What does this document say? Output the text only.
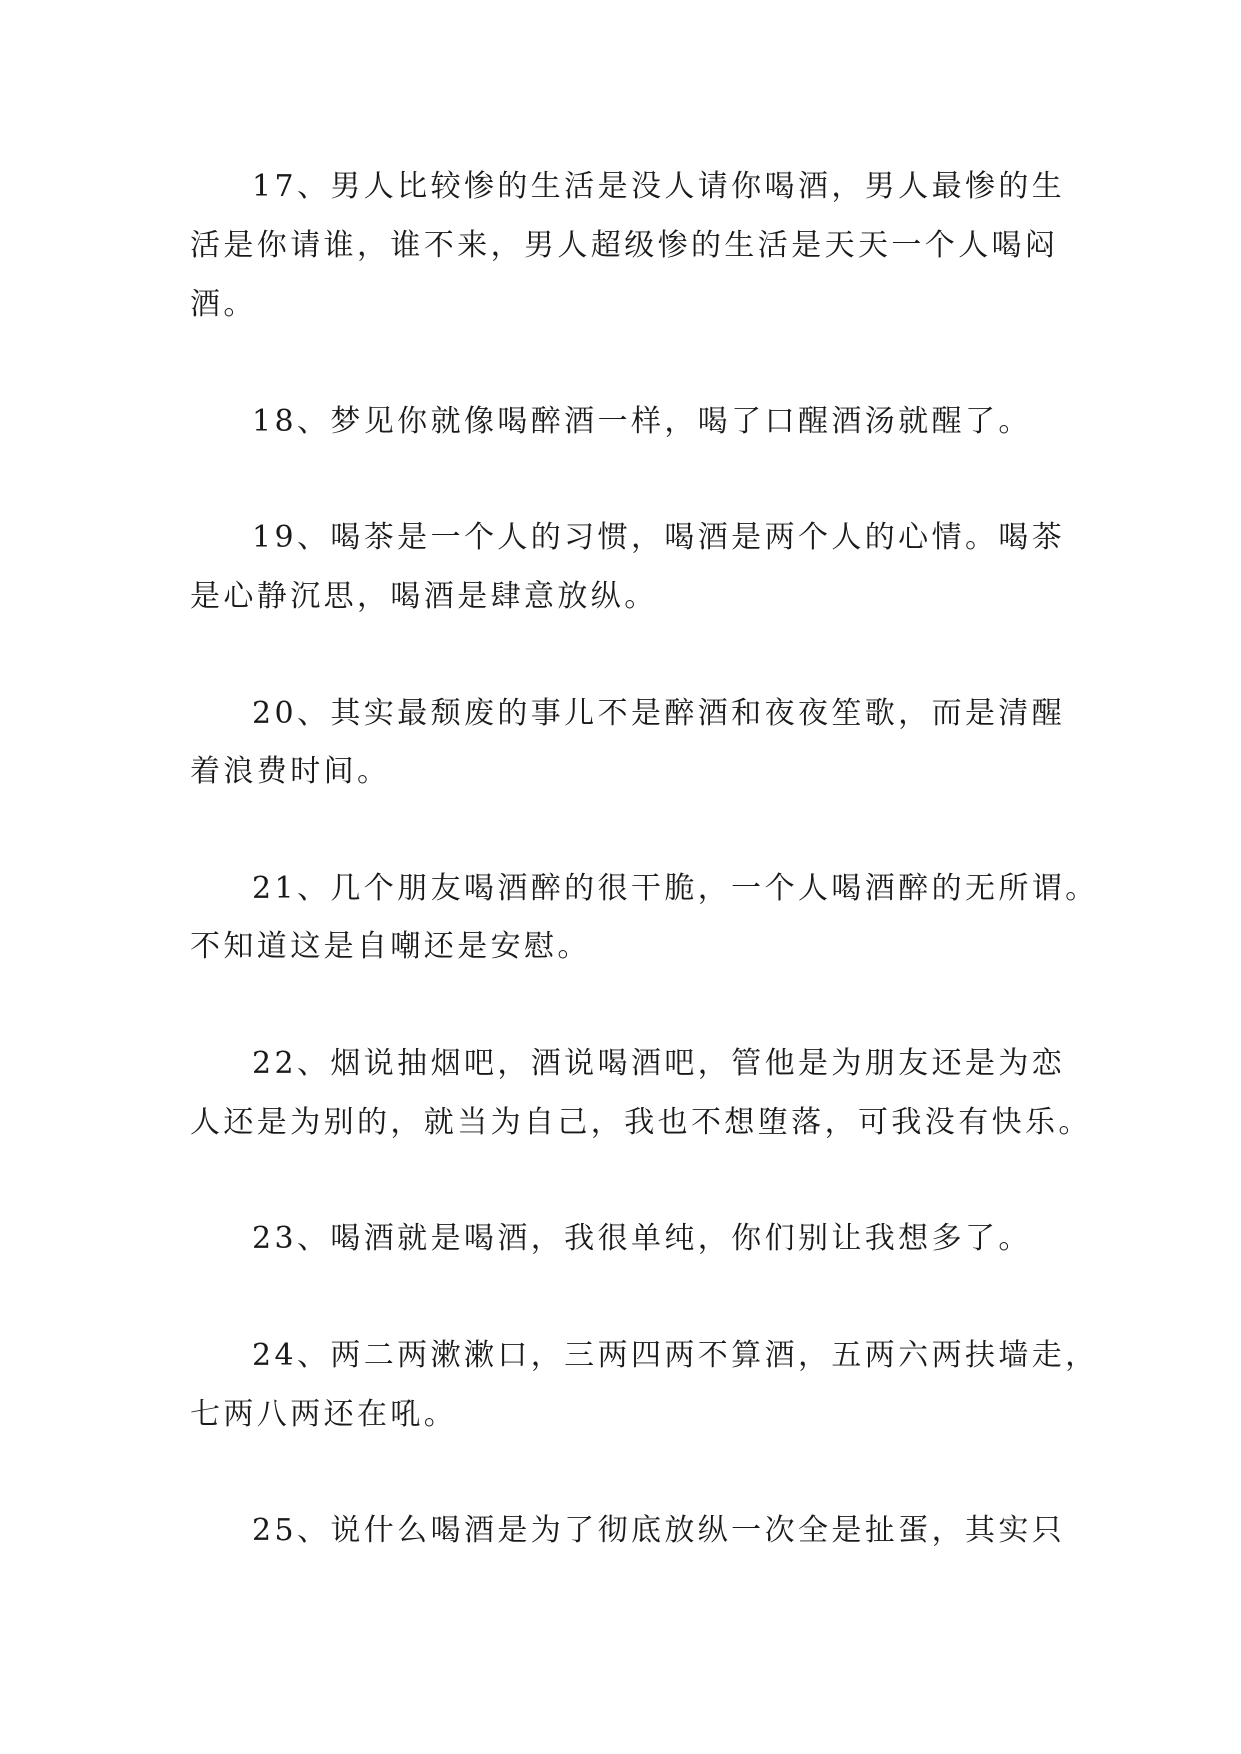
17、男人比较惨的生活是没人请你喝酒，男人最惨的生

活是你请谁，谁不来，男人超级惨的生活是天天一个人喝闷

酒。

18、梦见你就像喝醉酒一样，喝了口醒酒汤就醒了。

19、喝茶是一个人的习惯，喝酒是两个人的心情。喝茶

是心静沉思，喝酒是肆意放纵。

20、其实最颓废的事儿不是醉酒和夜夜笙歌，而是清醒

着浪费时间。

21、几个朋友喝酒醉的很干脆，一个人喝酒醉的无所谓。

不知道这是自嘲还是安慰。

22、烟说抽烟吧，酒说喝酒吧，管他是为朋友还是为恋

人还是为别的，就当为自己，我也不想堕落，可我没有快乐。

23、喝酒就是喝酒，我很单纯，你们别让我想多了。

24、两二两漱漱口，三两四两不算酒，五两六两扶墙走，

七两八两还在吼。

25、说什么喝酒是为了彻底放纵一次全是扯蛋，其实只
